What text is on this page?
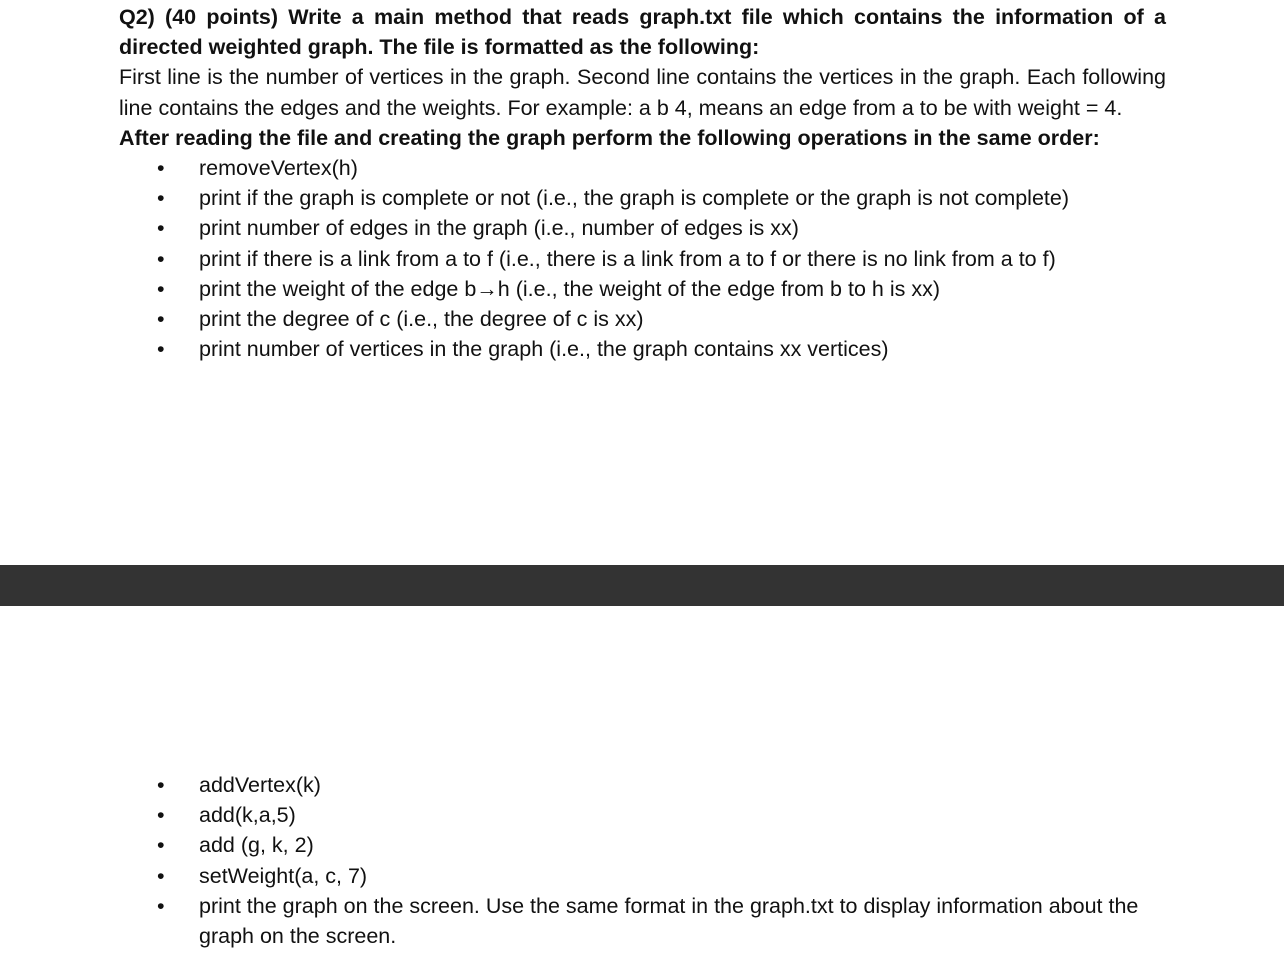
Q2) (40 points) Write a main method that reads graph.txt file which contains the information of a directed weighted graph. The file is formatted as the following:

First line is the number of vertices in the graph. Second line contains the vertices in the graph. Each following line contains the edges and the weights. For example: a b 4, means an edge from a to be with weight = 4.

After reading the file and creating the graph perform the following operations in the same order:

• removeVertex(h)
• print if the graph is complete or not (i.e., the graph is complete or the graph is not complete)
• print number of edges in the graph (i.e., number of edges is xx)
• print if there is a link from a to f (i.e., there is a link from a to f or there is no link from a to f)
• print the weight of the edge b→h (i.e., the weight of the edge from b to h is xx)
• print the degree of c (i.e., the degree of c is xx)
• print number of vertices in the graph (i.e., the graph contains xx vertices)
• addVertex(k)
• add(k,a,5)
• add (g, k, 2)
• setWeight(a, c, 7)
• print the graph on the screen. Use the same format in the graph.txt to display information about the graph on the screen.
